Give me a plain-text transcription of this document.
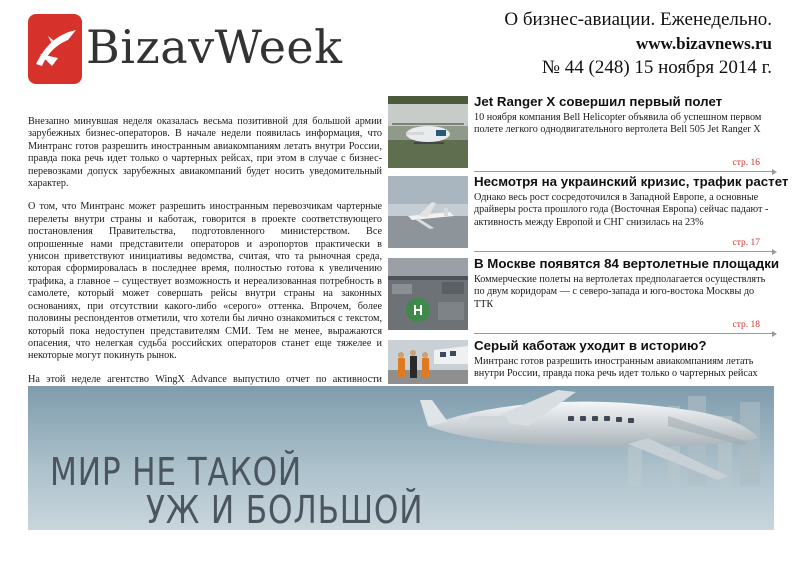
BizavWeek
О бизнес-авиации. Еженедельно.
www.bizavnews.ru
№ 44 (248) 15 ноября 2014 г.

Внезапно минувшая неделя оказалась весьма позитивной для большой армии зарубежных бизнес-операторов. В начале недели появилась информация, что Минтранс готов разрешить иностранным авиакомпаниям летать внутри России, правда пока речь идет только о чартерных рейсах, при этом в случае с бизнес-перевозками допуск зарубежных авиакомпаний будет носить уведомительный характер.

О том, что Минтранс может разрешить иностранным перевозчикам чартерные перелеты внутри страны и каботаж, говорится в проекте соответствующего постановления Правительства, подготовленного министерством. Все опрошенные нами представители операторов и аэропортов практически в унисон приветствуют инициативы ведомства, считая, что та рыночная среда, которая сформировалась в последнее время, полностью готова к увеличению трафика, а главное – существует возможность и нереализованная потребность в самолете, который может совершать рейсы внутри страны на законных основаниях, при отсутствии какого-либо «серого» оттенка. Впрочем, более половины респондентов отметили, что хотели бы лично ознакомиться с текстом, который пока недоступен представителям СМИ. Тем не менее, выражаются опасения, что нелегкая судьба российских операторов станет еще тяжелее и некоторые могут покинуть рынок.

На этой неделе агентство WingX Advance выпустило отчет по активности

Jet Ranger X совершил первый полет
10 ноября компания Bell Helicopter объявила об успешном первом полете легкого однодвигательного вертолета Bell 505 Jet Ranger X
стр. 16
Несмотря на украинский кризис, трафик растет
Однако весь рост сосредоточился в Западной Европе, а основные драйверы роста прошлого года (Восточная Европа) сейчас падают - активность между Европой и СНГ снизилась на 23%
стр. 17
В Москве появятся 84 вертолетные площадки
Коммерческие полеты на вертолетах предполагается осуществлять по двум коридорам — с северо-запада и юго-востока Москвы до ТТК
стр. 18
Серый каботаж уходит в историю?
Минтранс готов разрешить иностранным авиакомпаниям летать внутри России, правда пока речь идет только о чартерных рейсах
МИР НЕ ТАКОЙ
УЖ И БОЛЬШОЙ
